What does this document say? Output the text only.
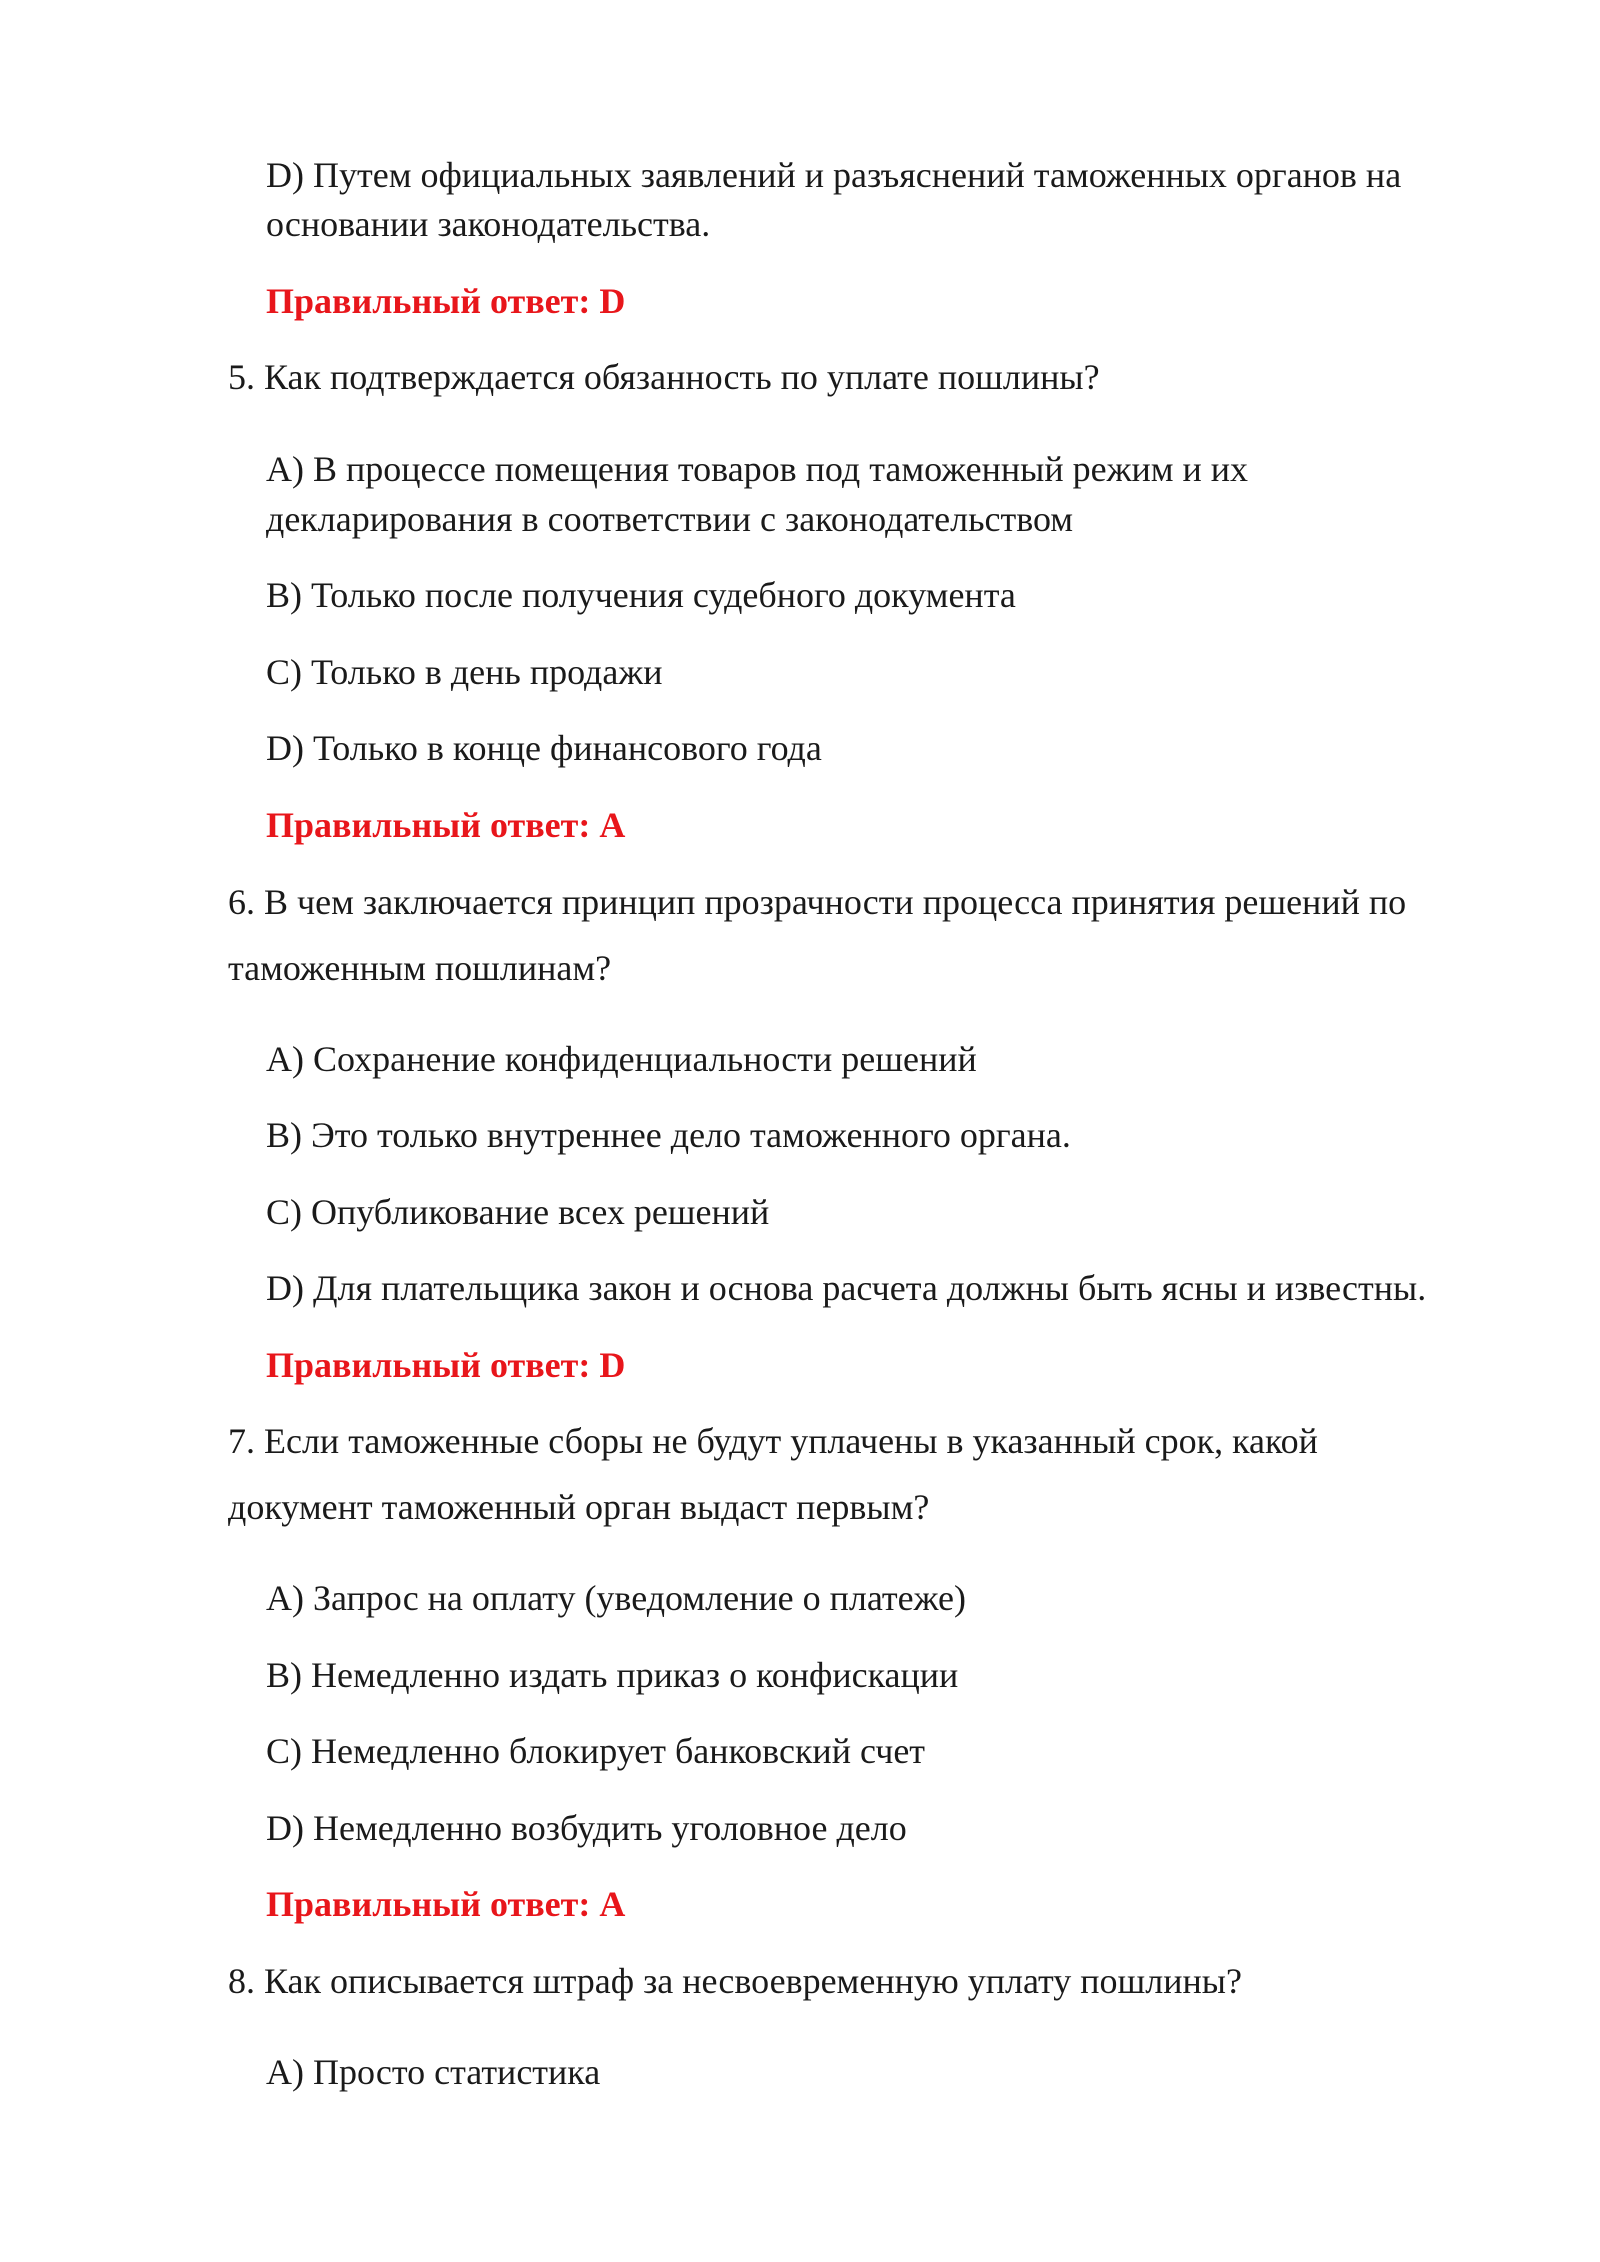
D) Путем официальных заявлений и разъяснений таможенных органов на

основании законодательства.

Правильный ответ: D

5. Как подтверждается обязанность по уплате пошлины?

A) В процессе помещения товаров под таможенный режим и их

декларирования в соответствии с законодательством

B) Только после получения судебного документа

C) Только в день продажи

D) Только в конце финансового года

Правильный ответ: A

6. В чем заключается принцип прозрачности процесса принятия решений по

таможенным пошлинам?

A) Сохранение конфиденциальности решений

B) Это только внутреннее дело таможенного органа.

C) Опубликование всех решений

D) Для плательщика закон и основа расчета должны быть ясны и известны.

Правильный ответ: D

7. Если таможенные сборы не будут уплачены в указанный срок, какой

документ таможенный орган выдаст первым?

A) Запрос на оплату (уведомление о платеже)

B) Немедленно издать приказ о конфискации

C) Немедленно блокирует банковский счет

D) Немедленно возбудить уголовное дело

Правильный ответ: A

8. Как описывается штраф за несвоевременную уплату пошлины?

A) Просто статистика
